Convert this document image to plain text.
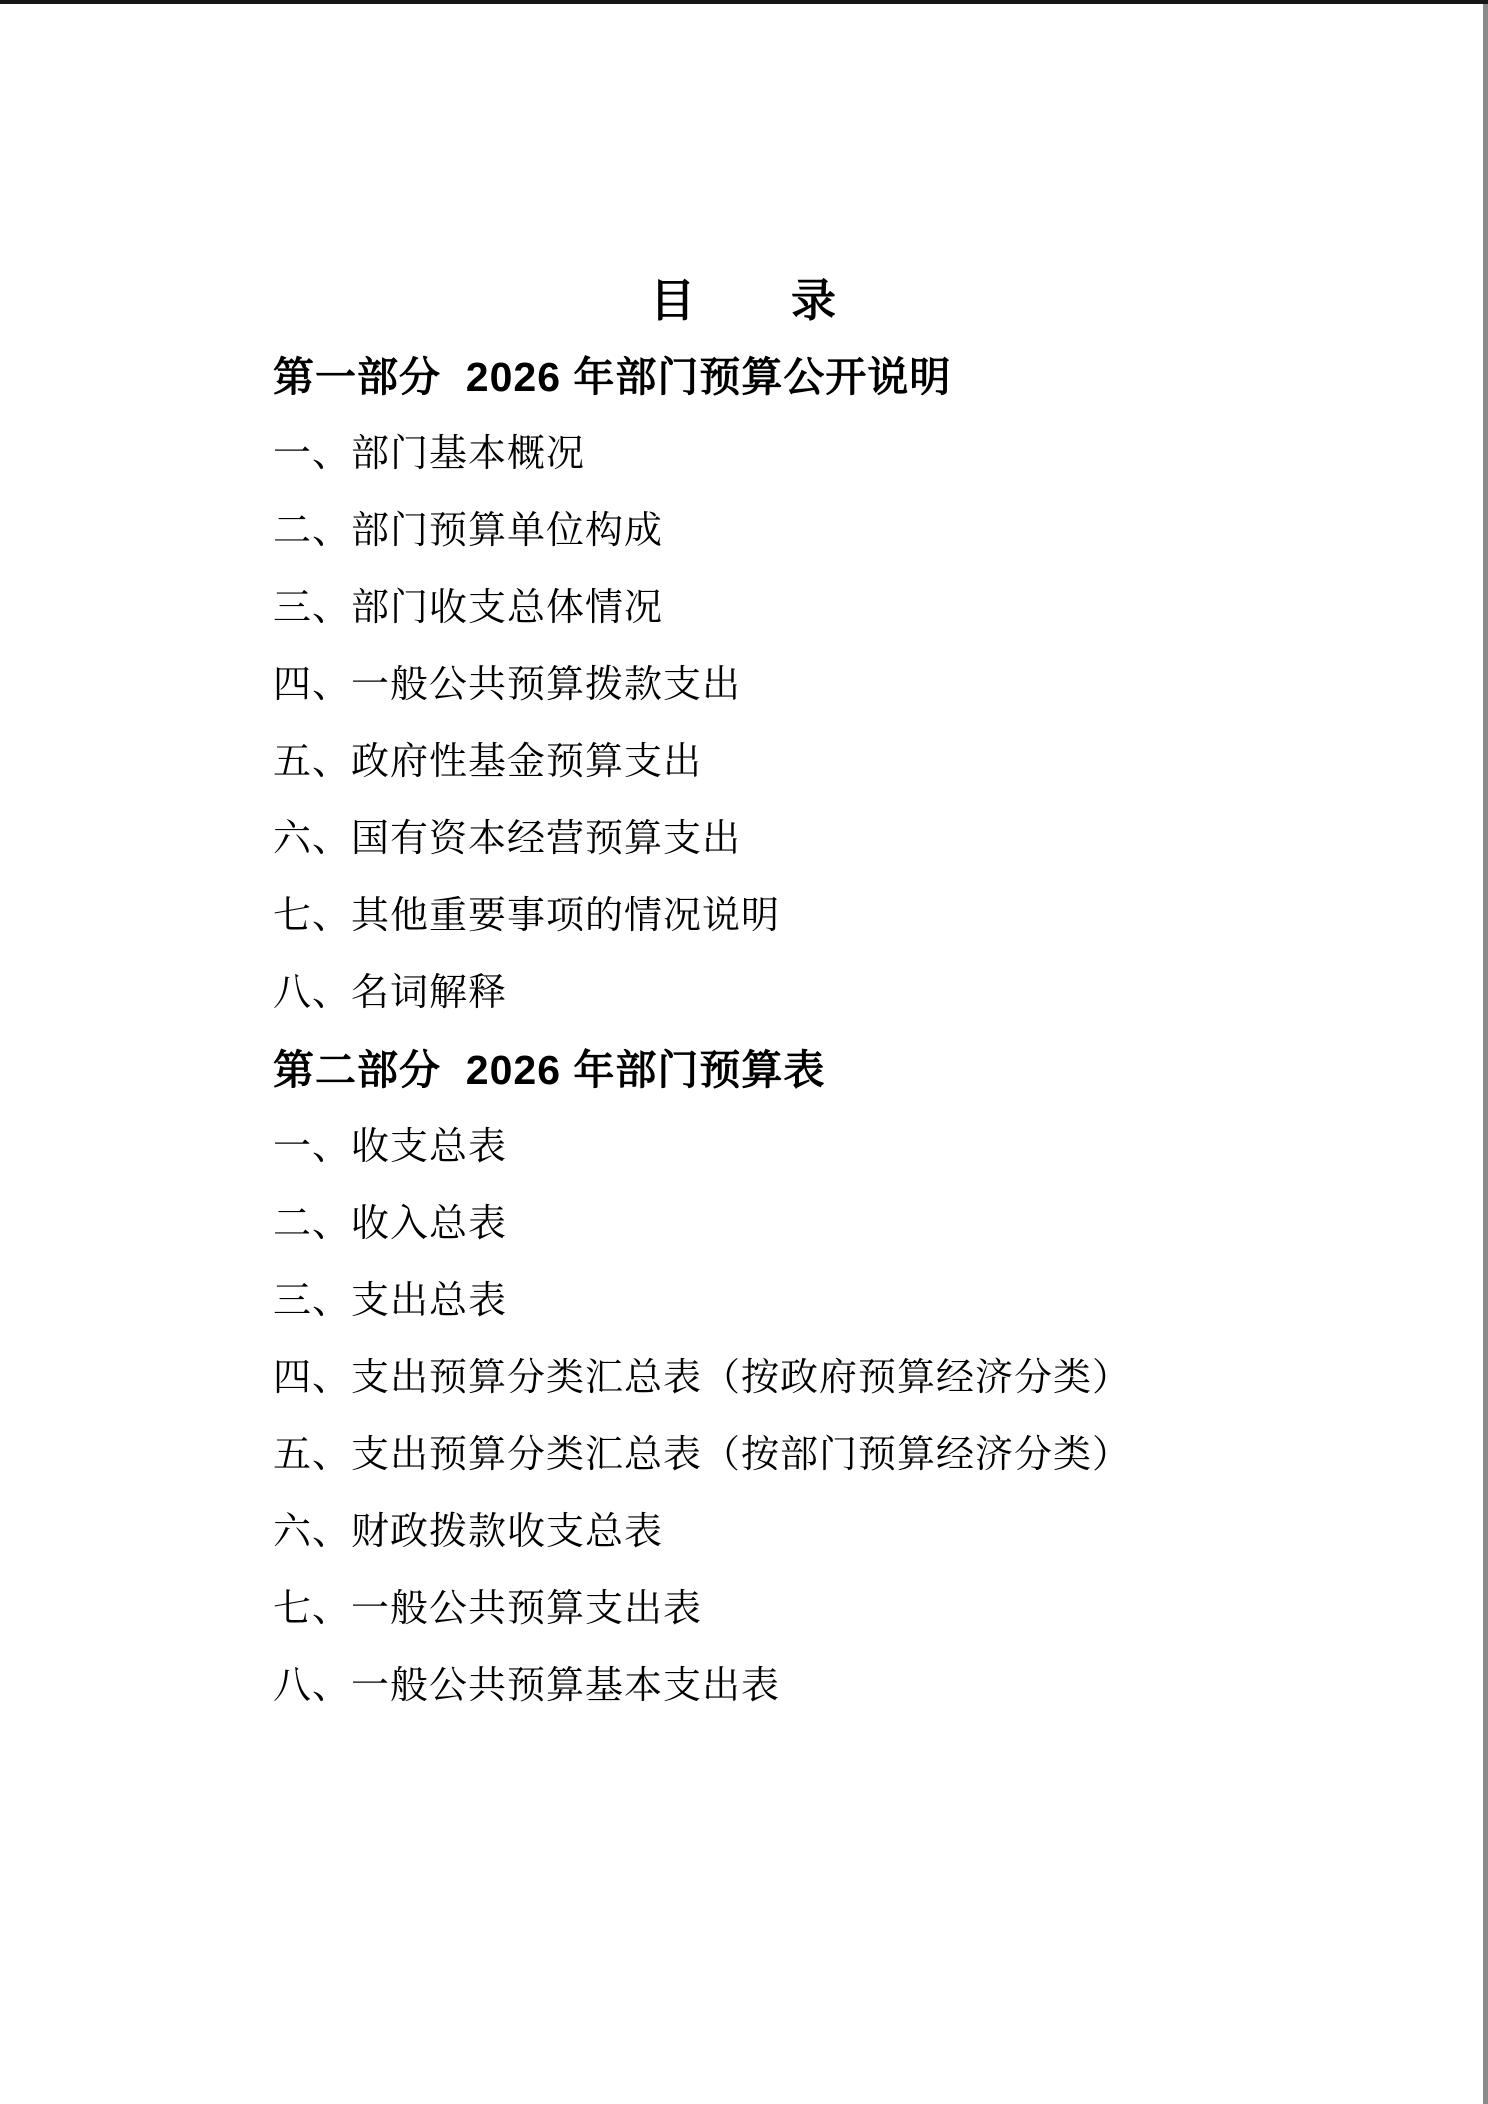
目　　录
第一部分  2026 年部门预算公开说明
一、部门基本概况
二、部门预算单位构成
三、部门收支总体情况
四、一般公共预算拨款支出
五、政府性基金预算支出
六、国有资本经营预算支出
七、其他重要事项的情况说明
八、名词解释
第二部分  2026 年部门预算表
一、收支总表
二、收入总表
三、支出总表
四、支出预算分类汇总表（按政府预算经济分类）
五、支出预算分类汇总表（按部门预算经济分类）
六、财政拨款收支总表
七、一般公共预算支出表
八、一般公共预算基本支出表
